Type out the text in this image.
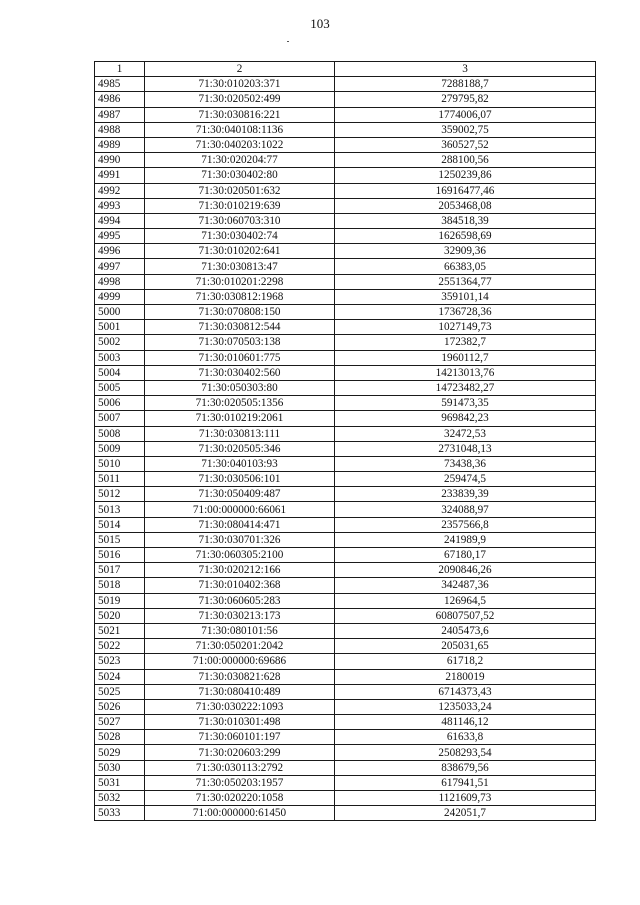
103
1	2	3
4985	71:30:010203:371	7288188,7
4986	71:30:020502:499	279795,82
4987	71:30:030816:221	1774006,07
4988	71:30:040108:1136	359002,75
4989	71:30:040203:1022	360527,52
4990	71:30:020204:77	288100,56
4991	71:30:030402:80	1250239,86
4992	71:30:020501:632	16916477,46
4993	71:30:010219:639	2053468,08
4994	71:30:060703:310	384518,39
4995	71:30:030402:74	1626598,69
4996	71:30:010202:641	32909,36
4997	71:30:030813:47	66383,05
4998	71:30:010201:2298	2551364,77
4999	71:30:030812:1968	359101,14
5000	71:30:070808:150	1736728,36
5001	71:30:030812:544	1027149,73
5002	71:30:070503:138	172382,7
5003	71:30:010601:775	1960112,7
5004	71:30:030402:560	14213013,76
5005	71:30:050303:80	14723482,27
5006	71:30:020505:1356	591473,35
5007	71:30:010219:2061	969842,23
5008	71:30:030813:111	32472,53
5009	71:30:020505:346	2731048,13
5010	71:30:040103:93	73438,36
5011	71:30:030506:101	259474,5
5012	71:30:050409:487	233839,39
5013	71:00:000000:66061	324088,97
5014	71:30:080414:471	2357566,8
5015	71:30:030701:326	241989,9
5016	71:30:060305:2100	67180,17
5017	71:30:020212:166	2090846,26
5018	71:30:010402:368	342487,36
5019	71:30:060605:283	126964,5
5020	71:30:030213:173	60807507,52
5021	71:30:080101:56	2405473,6
5022	71:30:050201:2042	205031,65
5023	71:00:000000:69686	61718,2
5024	71:30:030821:628	2180019
5025	71:30:080410:489	6714373,43
5026	71:30:030222:1093	1235033,24
5027	71:30:010301:498	481146,12
5028	71:30:060101:197	61633,8
5029	71:30:020603:299	2508293,54
5030	71:30:030113:2792	838679,56
5031	71:30:050203:1957	617941,51
5032	71:30:020220:1058	1121609,73
5033	71:00:000000:61450	242051,7
